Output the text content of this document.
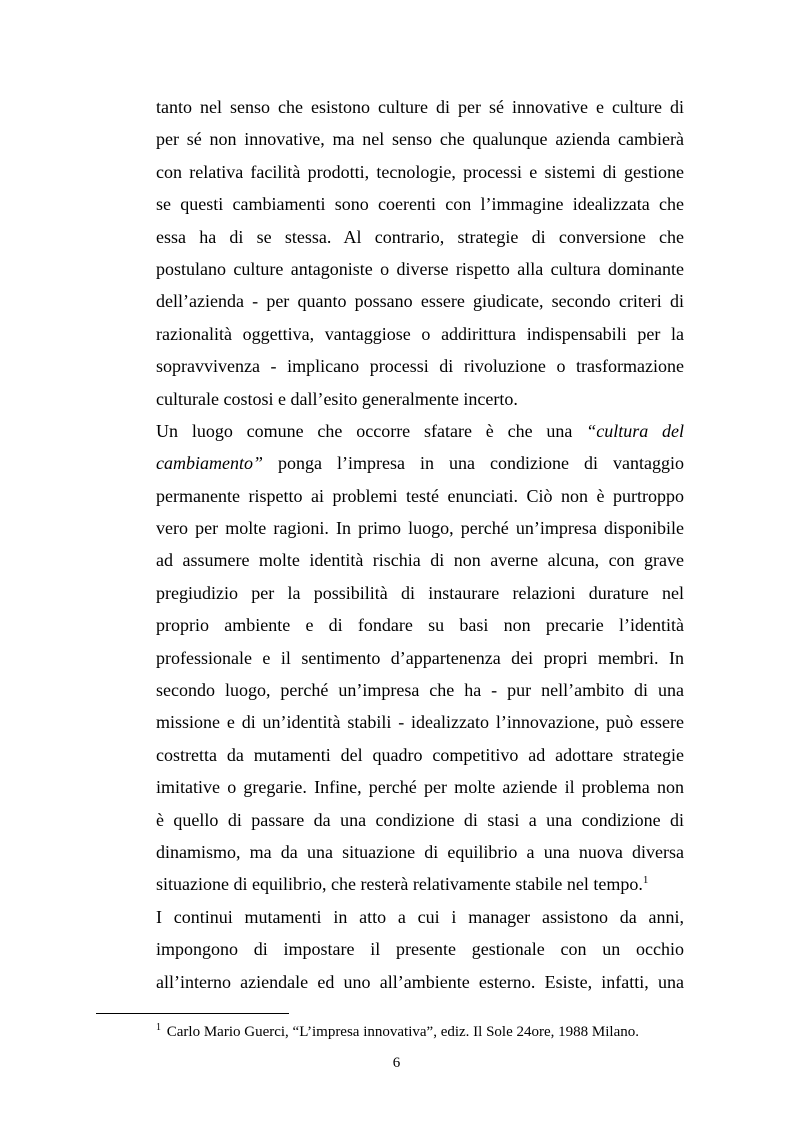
tanto nel senso che esistono culture di per sé innovative e culture di
per sé non innovative, ma nel senso che qualunque azienda cambierà
con relativa facilità prodotti, tecnologie, processi e sistemi di gestione
se questi cambiamenti sono coerenti con l’immagine idealizzata che
essa ha di se stessa. Al contrario, strategie di conversione che
postulano culture antagoniste o diverse rispetto alla cultura dominante
dell’azienda - per quanto possano essere giudicate, secondo criteri di
razionalità oggettiva, vantaggiose o addirittura indispensabili per la
sopravvivenza - implicano processi di rivoluzione o trasformazione
culturale costosi e dall’esito generalmente incerto.
Un luogo comune che occorre sfatare è che una “cultura del
cambiamento” ponga l’impresa in una condizione di vantaggio
permanente rispetto ai problemi testé enunciati. Ciò non è purtroppo
vero per molte ragioni. In primo luogo, perché un’impresa disponibile
ad assumere molte identità rischia di non averne alcuna, con grave
pregiudizio per la possibilità di instaurare relazioni durature nel
proprio ambiente e di fondare su basi non precarie l’identità
professionale e il sentimento d’appartenenza dei propri membri. In
secondo luogo, perché un’impresa che ha - pur nell’ambito di una
missione e di un’identità stabili - idealizzato l’innovazione, può essere
costretta da mutamenti del quadro competitivo ad adottare strategie
imitative o gregarie. Infine, perché per molte aziende il problema non
è quello di passare da una condizione di stasi a una condizione di
dinamismo, ma da una situazione di equilibrio a una nuova diversa
situazione di equilibrio, che resterà relativamente stabile nel tempo.$^1$
I continui mutamenti in atto a cui i manager assistono da anni,
impongono di impostare il presente gestionale con un occhio
all’interno aziendale ed uno all’ambiente esterno. Esiste, infatti, una
$^1$ Carlo Mario Guerci, “L’impresa innovativa”, ediz. Il Sole 24ore, 1988 Milano.
6
